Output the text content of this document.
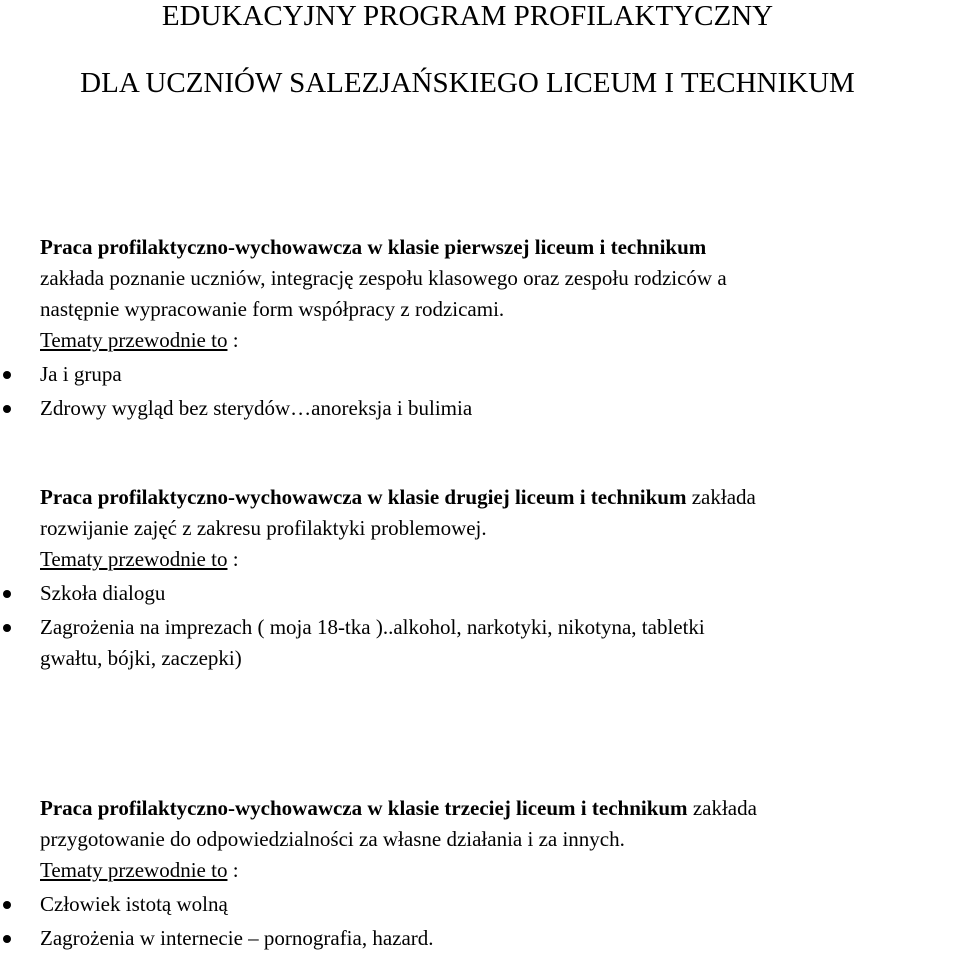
EDUKACYJNY PROGRAM PROFILAKTYCZNY
DLA UCZNIÓW SALEZJAŃSKIEGO LICEUM I TECHNIKUM

Praca profilaktyczno-wychowawcza w klasie pierwszej liceum i technikum

zakłada poznanie uczniów, integrację zespołu klasowego oraz zespołu rodziców a

następnie wypracowanie form współpracy z rodzicami.

Tematy przewodnie to :

Ja i grupa
Zdrowy wygląd bez sterydów…anoreksja i bulimia

Praca profilaktyczno-wychowawcza w klasie drugiej liceum i technikum zakłada

rozwijanie zajęć z zakresu profilaktyki problemowej.

Tematy przewodnie to :

Szkoła dialogu
Zagrożenia na imprezach ( moja 18-tka )..alkohol, narkotyki, nikotyna, tabletki
gwałtu, bójki, zaczepki)

Praca profilaktyczno-wychowawcza w klasie trzeciej liceum i technikum zakłada

przygotowanie do odpowiedzialności za własne działania i za innych.

Tematy przewodnie to :

Człowiek istotą wolną
Zagrożenia w internecie – pornografia, hazard.
